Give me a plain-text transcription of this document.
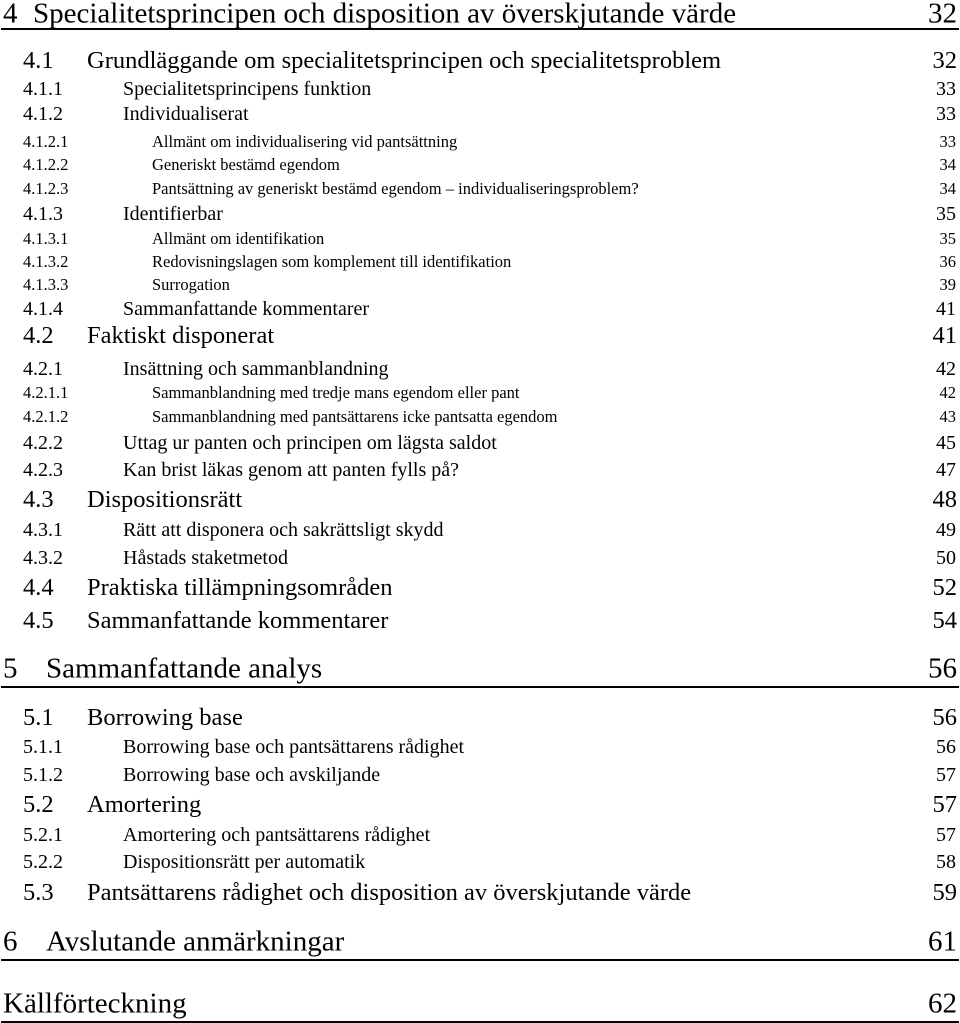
4 Specialitetsprincipen och disposition av överskjutande värde	32
4.1 Grundläggande om specialitetsprincipen och specialitetsproblem	32
4.1.1	Specialitetsprincipens funktion	33
4.1.2	Individualiserat	33
4.1.2.1	Allmänt om individualisering vid pantsättning	33
4.1.2.2	Generiskt bestämd egendom	34
4.1.2.3	Pantsättning av generiskt bestämd egendom – individualiseringsproblem?	34
4.1.3	Identifierbar	35
4.1.3.1	Allmänt om identifikation	35
4.1.3.2	Redovisningslagen som komplement till identifikation	36
4.1.3.3	Surrogation	39
4.1.4	Sammanfattande kommentarer	41
4.2 Faktiskt disponerat	41
4.2.1	Insättning och sammanblandning	42
4.2.1.1	Sammanblandning med tredje mans egendom eller pant	42
4.2.1.2	Sammanblandning med pantsättarens icke pantsatta egendom	43
4.2.2	Uttag ur panten och principen om lägsta saldot	45
4.2.3	Kan brist läkas genom att panten fylls på?	47
4.3 Dispositionsrätt	48
4.3.1	Rätt att disponera och sakrättsligt skydd	49
4.3.2	Håstads staketmetod	50
4.4 Praktiska tillämpningsområden	52
4.5 Sammanfattande kommentarer	54
5 Sammanfattande analys	56
5.1 Borrowing base	56
5.1.1	Borrowing base och pantsättarens rådighet	56
5.1.2	Borrowing base och avskiljande	57
5.2 Amortering	57
5.2.1	Amortering och pantsättarens rådighet	57
5.2.2	Dispositionsrätt per automatik	58
5.3 Pantsättarens rådighet och disposition av överskjutande värde	59
6 Avslutande anmärkningar	61
Källförteckning	62
